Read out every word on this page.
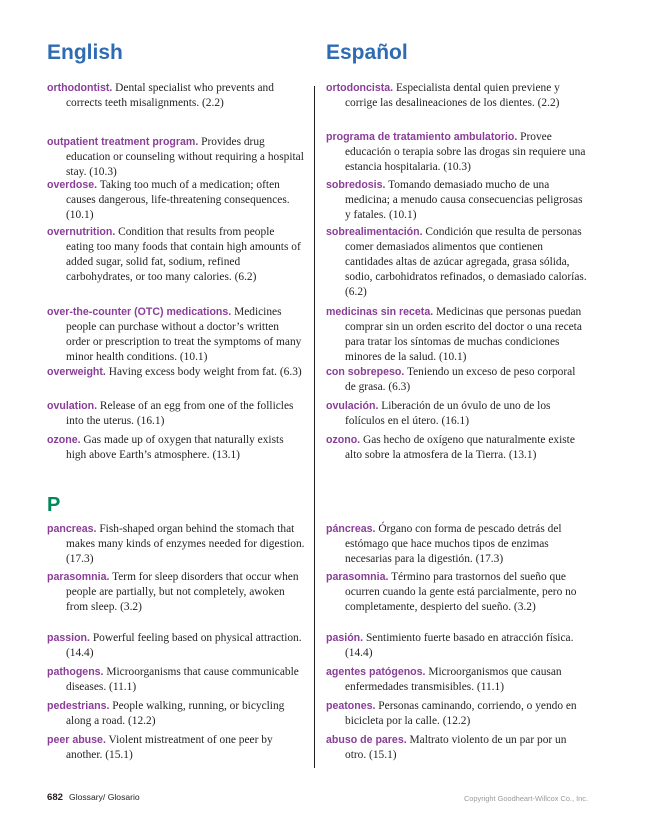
English

orthodontist. Dental specialist who prevents and corrects teeth misalignments. (2.2)

outpatient treatment program. Provides drug education or counseling without requiring a hospital stay. (10.3)

overdose. Taking too much of a medication; often causes dangerous, life-threatening consequences. (10.1)

overnutrition. Condition that results from people eating too many foods that contain high amounts of added sugar, solid fat, sodium, refined carbohydrates, or too many calories. (6.2)

over-the-counter (OTC) medications. Medicines people can purchase without a doctor’s written order or prescription to treat the symptoms of many minor health conditions. (10.1)

overweight. Having excess body weight from fat. (6.3)

ovulation. Release of an egg from one of the follicles into the uterus. (16.1)

ozone. Gas made up of oxygen that naturally exists high above Earth’s atmosphere. (13.1)

pancreas. Fish-shaped organ behind the stomach that makes many kinds of enzymes needed for digestion. (17.3)

parasomnia. Term for sleep disorders that occur when people are partially, but not completely, awoken from sleep. (3.2)

passion. Powerful feeling based on physical attraction. (14.4)

pathogens. Microorganisms that cause communicable diseases. (11.1)

pedestrians. People walking, running, or bicycling along a road. (12.2)

peer abuse. Violent mistreatment of one peer by another. (15.1)

Español

ortodoncista. Especialista dental quien previene y corrige las desalineaciones de los dientes. (2.2)

programa de tratamiento ambulatorio. Provee educación o terapia sobre las drogas sin requiere una estancia hospitalaria. (10.3)

sobredosis. Tomando demasiado mucho de una medicina; a menudo causa consecuencias peligrosas y fatales. (10.1)

sobrealimentación. Condición que resulta de personas comer demasiados alimentos que contienen cantidades altas de azúcar agregada, grasa sólida, sodio, carbohidratos refinados, o demasiado calorías. (6.2)

medicinas sin receta. Medicinas que personas puedan comprar sin un orden escrito del doctor o una receta para tratar los síntomas de muchas condiciones minores de la salud. (10.1)

con sobrepeso. Teniendo un exceso de peso corporal de grasa. (6.3)

ovulación. Liberación de un óvulo de uno de los folículos en el útero. (16.1)

ozono. Gas hecho de oxígeno que naturalmente existe alto sobre la atmosfera de la Tierra. (13.1)

páncreas. Órgano con forma de pescado detrás del estómago que hace muchos tipos de enzimas necesarias para la digestión. (17.3)

parasomnia. Término para trastornos del sueño que ocurren cuando la gente está parcialmente, pero no completamente, despierto del sueño. (3.2)

pasión. Sentimiento fuerte basado en atracción física. (14.4)

agentes patógenos. Microorganismos que causan enfermedades transmisibles. (11.1)

peatones. Personas caminando, corriendo, o yendo en bicicleta por la calle. (12.2)

abuso de pares. Maltrato violento de un par por un otro. (15.1)

P
682 Glossary/ Glosario	Copyright Goodheart-Willcox Co., Inc.
